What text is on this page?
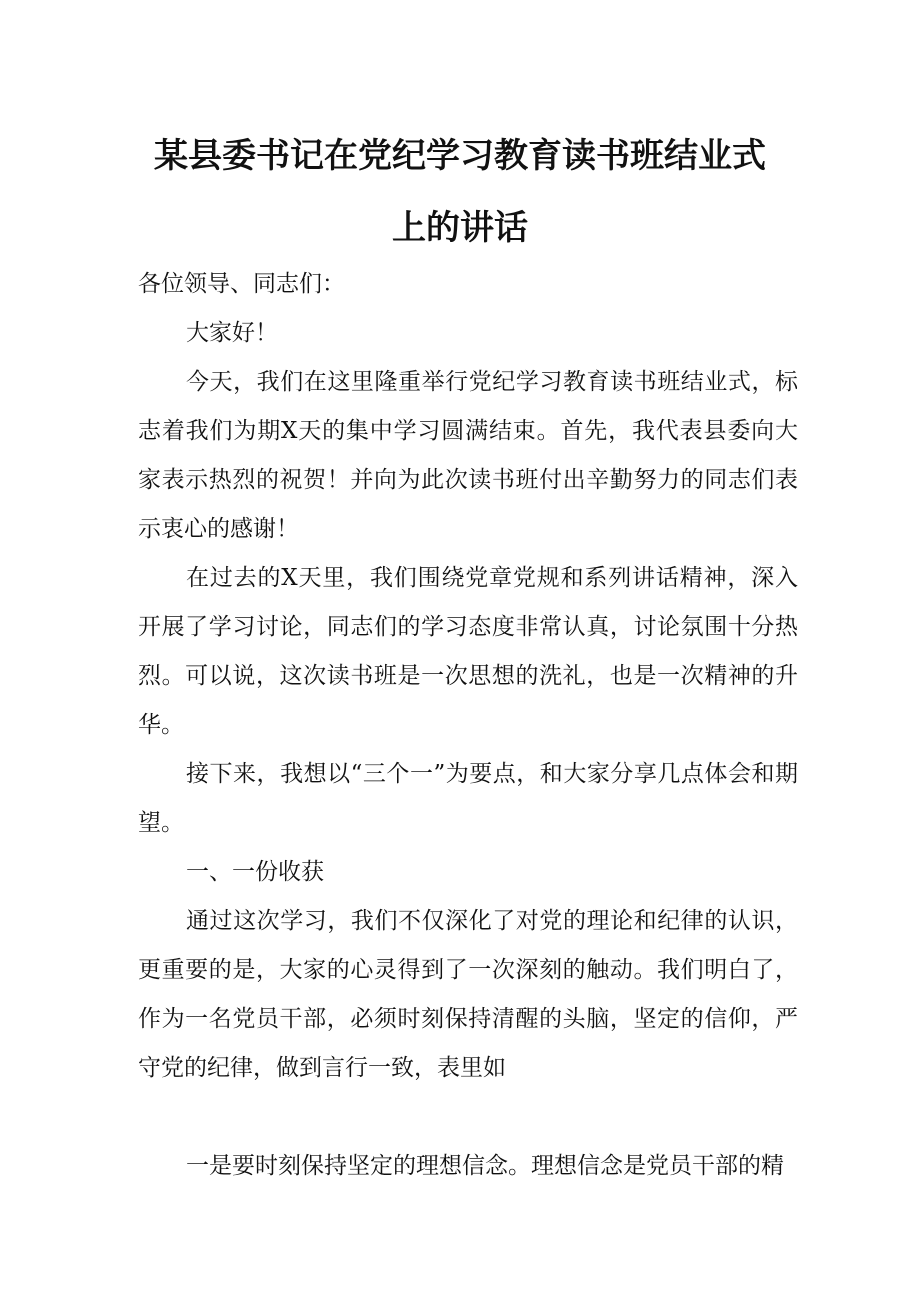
某县委书记在党纪学习教育读书班结业式
上的讲话
各位领导、同志们：
大家好！
今天，我们在这里隆重举行党纪学习教育读书班结业式，标志着我们为期X天的集中学习圆满结束。首先，我代表县委向大家表示热烈的祝贺！并向为此次读书班付出辛勤努力的同志们表示衷心的感谢！
在过去的X天里，我们围绕党章党规和系列讲话精神，深入开展了学习讨论，同志们的学习态度非常认真，讨论氛围十分热烈。可以说，这次读书班是一次思想的洗礼，也是一次精神的升华。
接下来，我想以“三个一”为要点，和大家分享几点体会和期望。
一、一份收获
通过这次学习，我们不仅深化了对党的理论和纪律的认识，更重要的是，大家的心灵得到了一次深刻的触动。我们明白了，作为一名党员干部，必须时刻保持清醒的头脑，坚定的信仰，严守党的纪律，做到言行一致，表里如
一是要时刻保持坚定的理想信念。理想信念是党员干部的精
